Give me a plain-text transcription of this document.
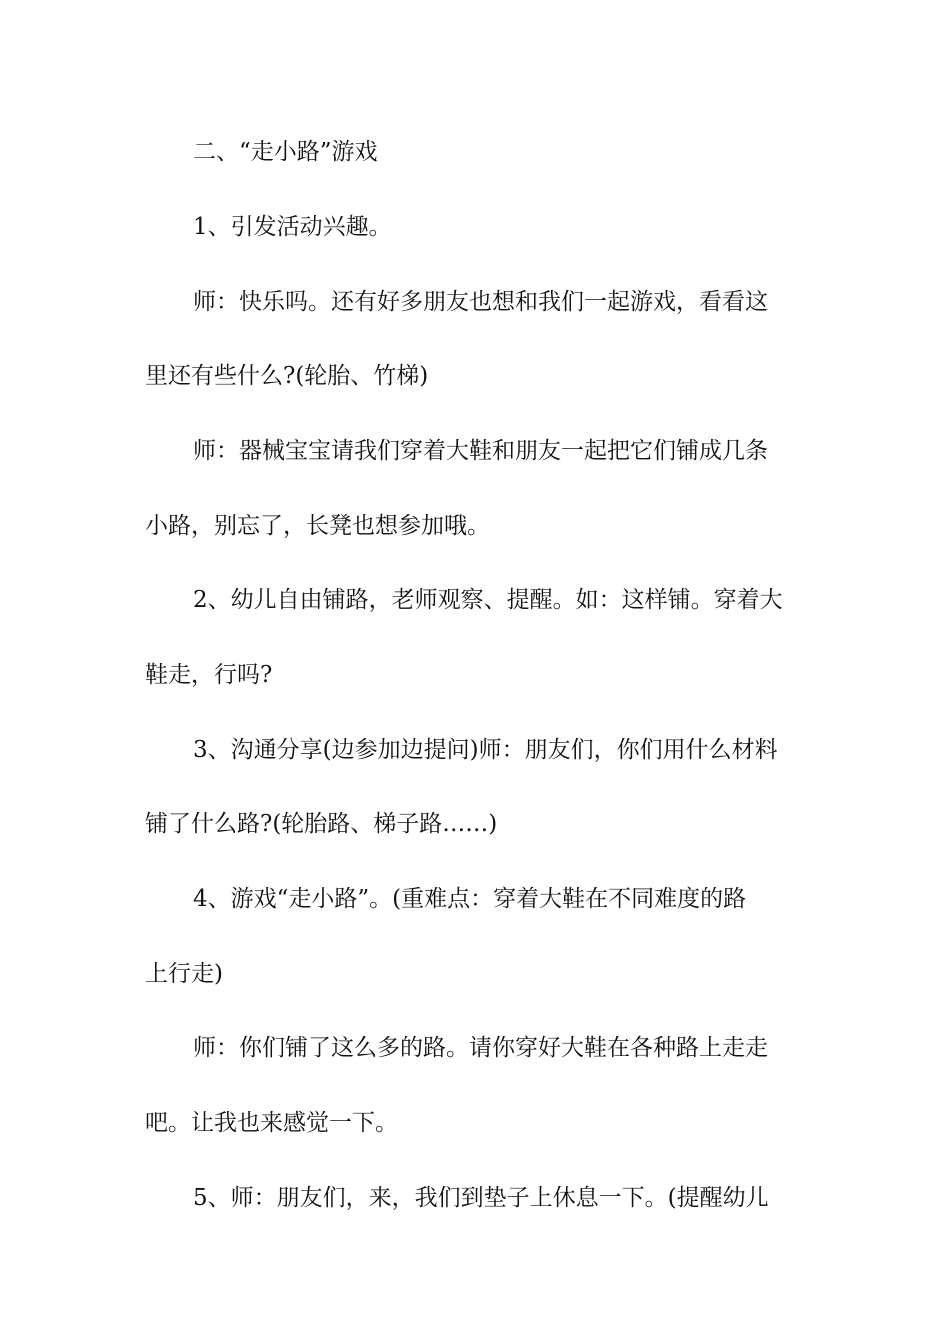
二、“走小路”游戏
1、引发活动兴趣。
师：快乐吗。还有好多朋友也想和我们一起游戏，看看这
里还有些什么?(轮胎、竹梯)
师：器械宝宝请我们穿着大鞋和朋友一起把它们铺成几条
小路，别忘了，长凳也想参加哦。
2、幼儿自由铺路，老师观察、提醒。如：这样铺。穿着大
鞋走，行吗?
3、沟通分享(边参加边提问)师：朋友们，你们用什么材料
铺了什么路?(轮胎路、梯子路……)
4、游戏“走小路”。(重难点：穿着大鞋在不同难度的路
上行走)
师：你们铺了这么多的路。请你穿好大鞋在各种路上走走
吧。让我也来感觉一下。
5、师：朋友们，来，我们到垫子上休息一下。(提醒幼儿
